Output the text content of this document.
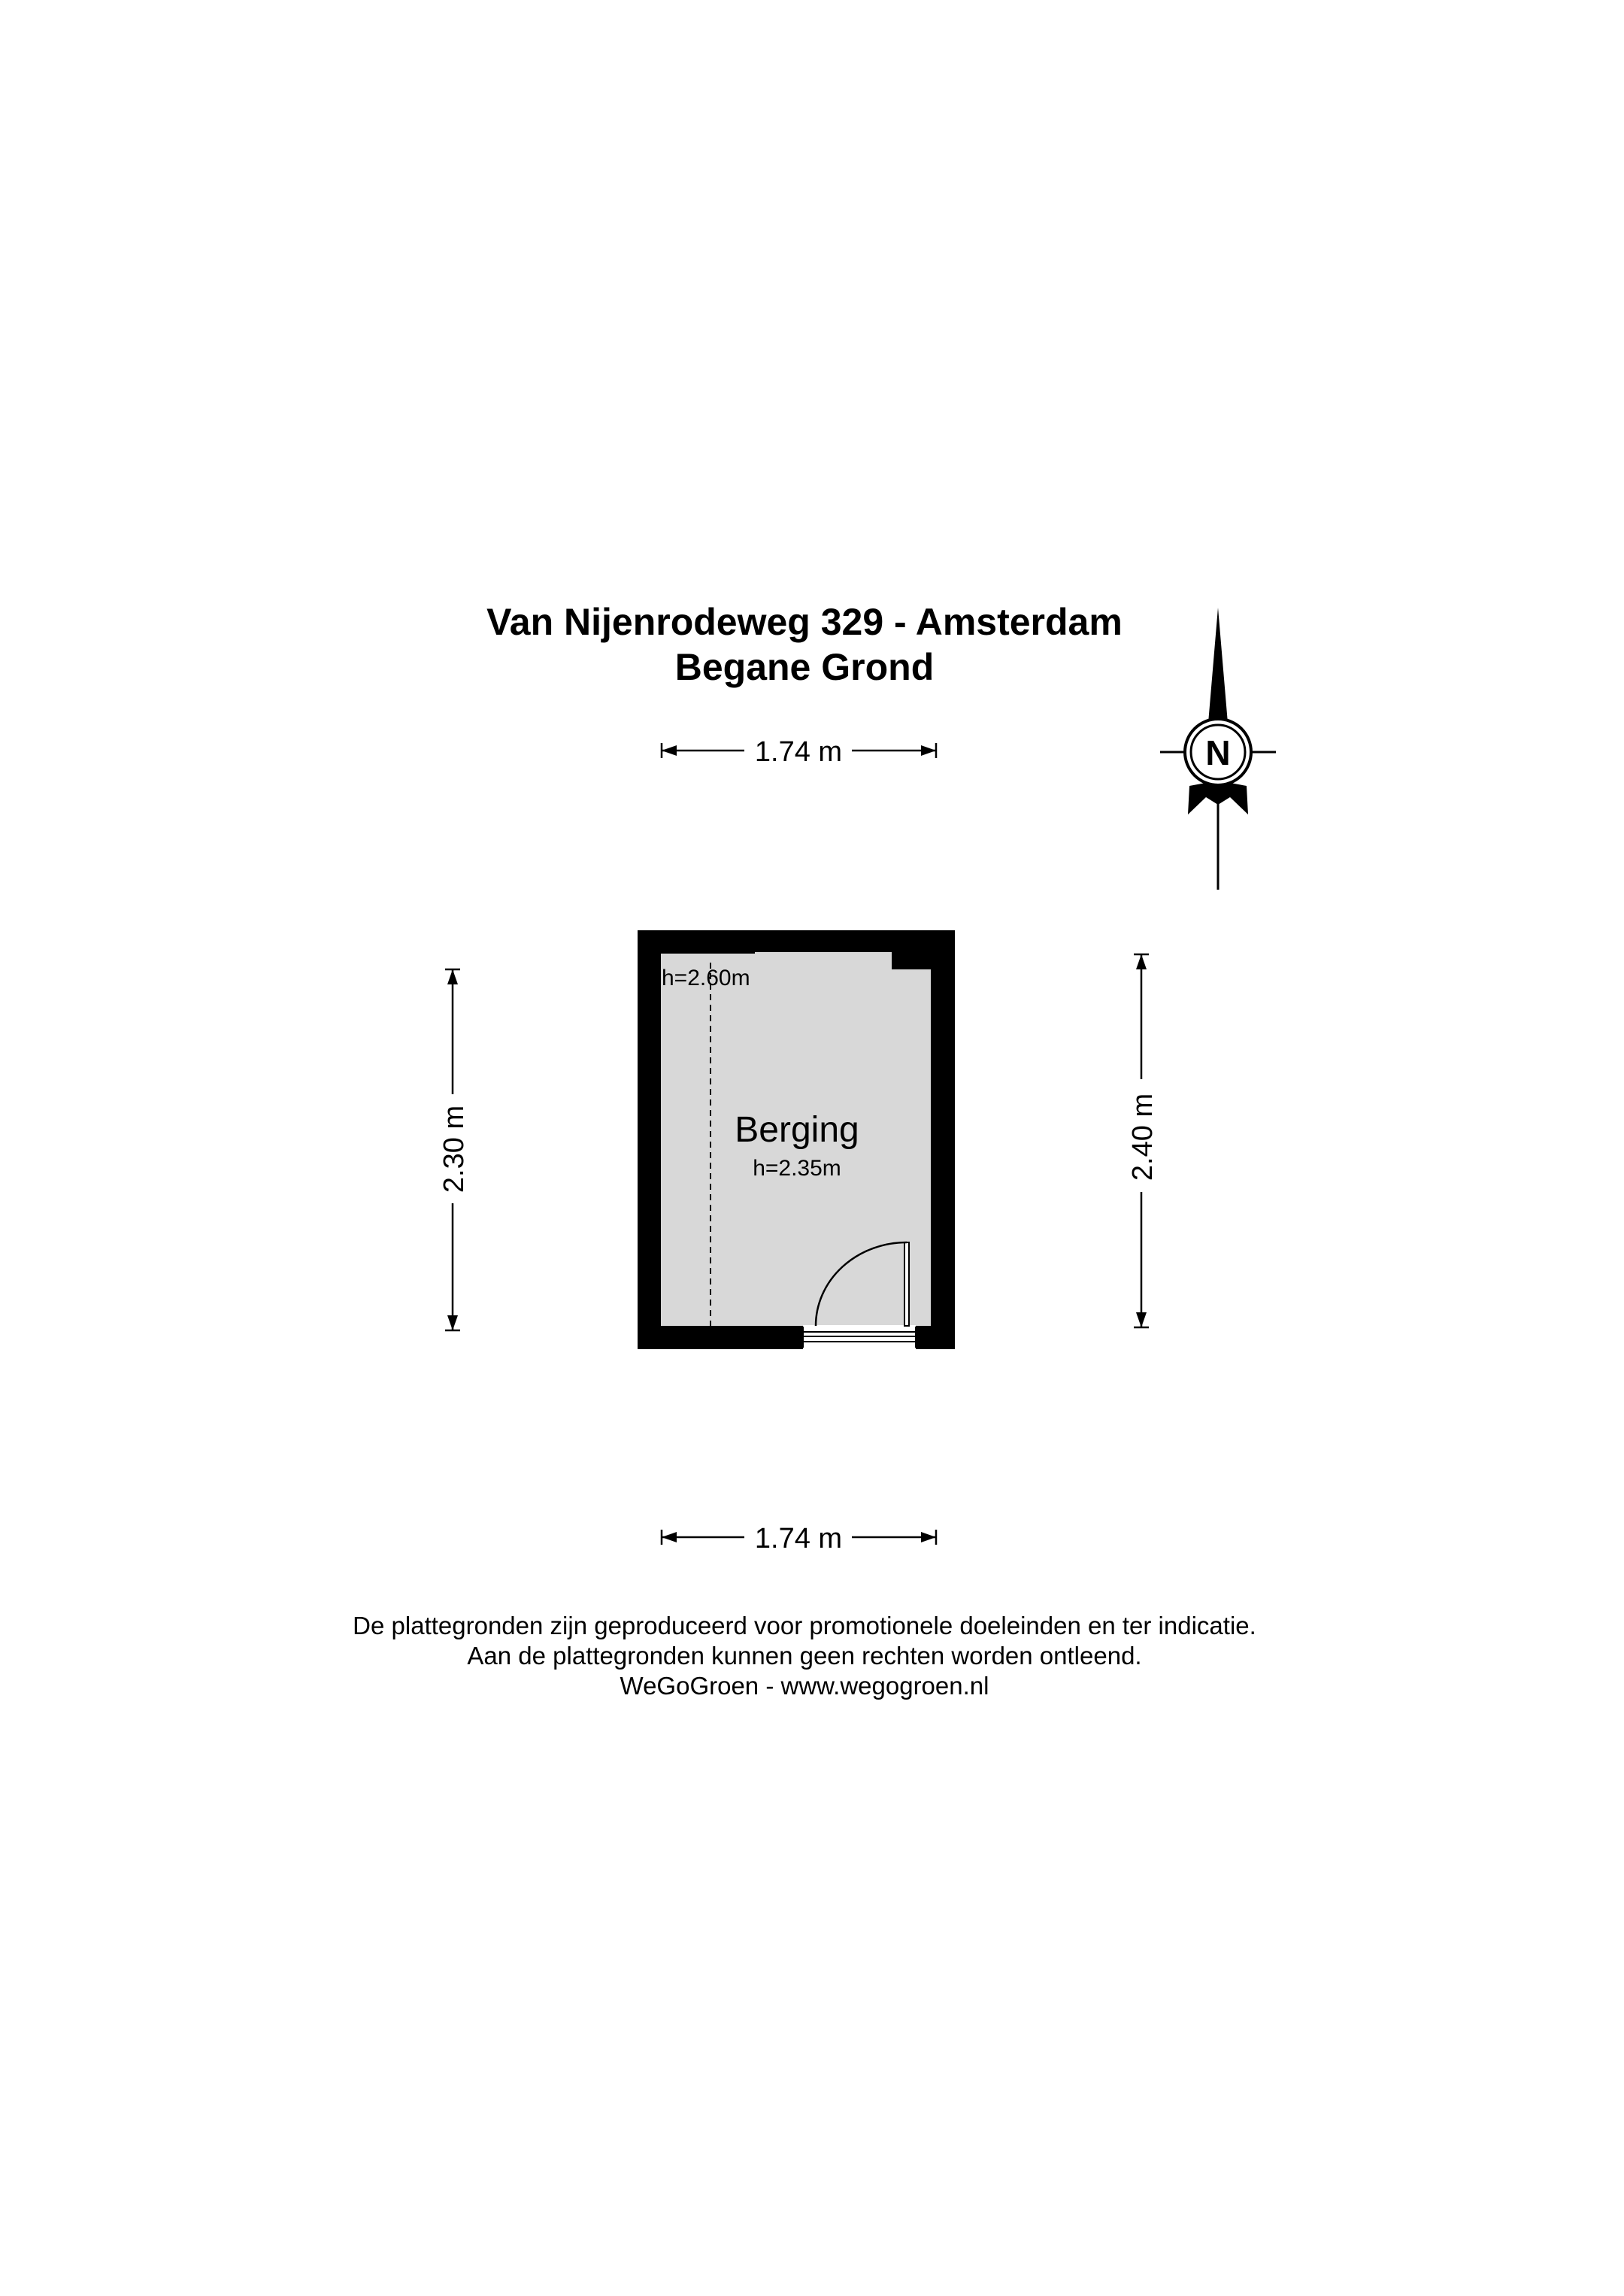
Van Nijenrodeweg 329 - Amsterdam
Begane Grond
N
1.74 m
2.30 m	2.40 m
h=2.60m
Berging
h=2.35m
1.74 m
De plattegronden zijn geproduceerd voor promotionele doeleinden en ter indicatie.
Aan de plattegronden kunnen geen rechten worden ontleend.
WeGoGroen - www.wegogroen.nl
